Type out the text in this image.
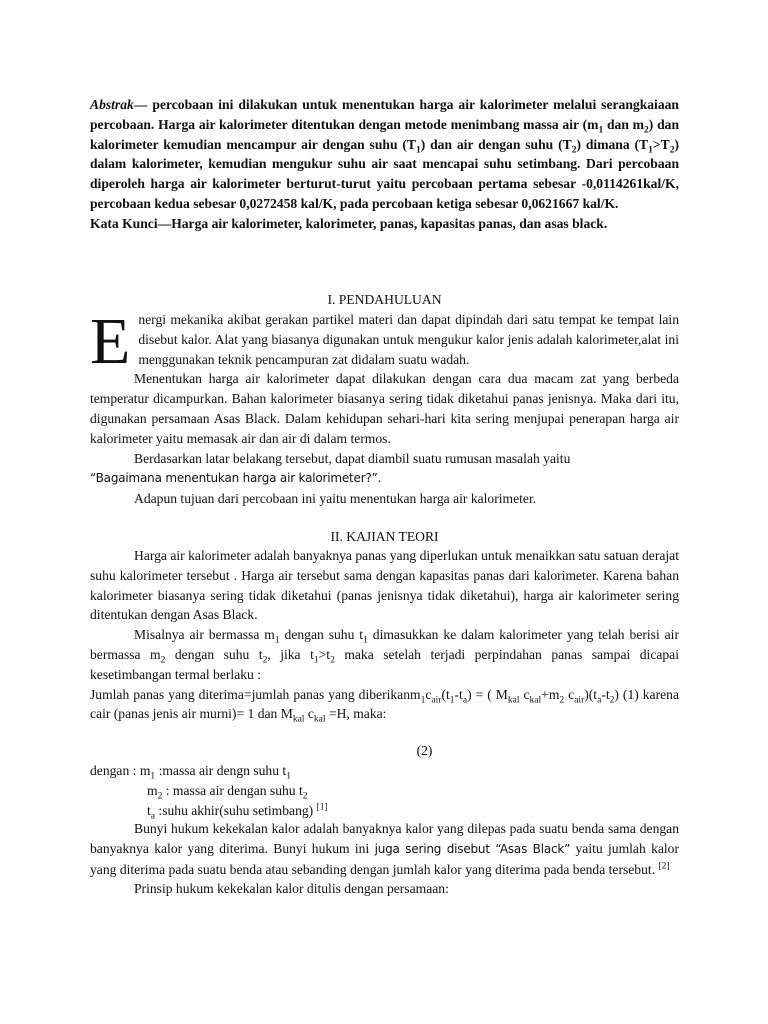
Abstrak— percobaan ini dilakukan untuk menentukan harga air kalorimeter melalui serangkaiaan percobaan. Harga air kalorimeter ditentukan dengan metode menimbang massa air ($m_1$ dan $m_2$) dan kalorimeter kemudian mencampur air dengan suhu $(T_1)$ dan air dengan suhu $(T_2)$ dimana $(T_1>T_2)$ dalam kalorimeter, kemudian mengukur suhu air saat mencapai suhu setimbang. Dari percobaan diperoleh harga air kalorimeter berturut-turut yaitu percobaan pertama sebesar -0,0114261kal/K, percobaan kedua sebesar 0,0272458 kal/K, pada percobaan ketiga sebesar 0,0621667 kal/K.
Kata Kunci—Harga air kalorimeter, kalorimeter, panas, kapasitas panas, dan asas black.
I. PENDAHULUAN
Energi mekanika akibat gerakan partikel materi dan dapat dipindah dari satu tempat ke tempat lain disebut kalor. Alat yang biasanya digunakan untuk mengukur kalor jenis adalah kalorimeter,alat ini menggunakan teknik pencampuran zat didalam suatu wadah.
Menentukan harga air kalorimeter dapat dilakukan dengan cara dua macam zat yang berbeda temperatur dicampurkan. Bahan kalorimeter biasanya sering tidak diketahui panas jenisnya. Maka dari itu, digunakan persamaan Asas Black. Dalam kehidupan sehari-hari kita sering menjupai penerapan harga air kalorimeter yaitu memasak air dan air di dalam termos.
Berdasarkan latar belakang tersebut, dapat diambil suatu rumusan masalah yaitu
“Bagaimana menentukan harga air kalorimeter?”.
Adapun tujuan dari percobaan ini yaitu menentukan harga air kalorimeter.
II. KAJIAN TEORI
Harga air kalorimeter adalah banyaknya panas yang diperlukan untuk menaikkan satu satuan derajat suhu kalorimeter tersebut . Harga air tersebut sama dengan kapasitas panas dari kalorimeter. Karena bahan kalorimeter biasanya sering tidak diketahui (panas jenisnya tidak diketahui), harga air kalorimeter sering ditentukan dengan Asas Black.
Misalnya air bermassa $m_1$ dengan suhu $t_1$ dimasukkan ke dalam kalorimeter yang telah berisi air bermassa $m_2$ dengan suhu $t_2$, jika $t_1>t_2$ maka setelah terjadi perpindahan panas sampai dicapai kesetimbangan termal berlaku :
Jumlah panas yang diterima=jumlah panas yang $diberikanm_1c_{air}(t_1-t_a)$ = ( $M_{kal}$ $c_{kal}+m_2$ $c_{air})(t_a-t_2)$ (1) karena cair (panas jenis air murni)= 1 dan $M_{kal}$ $c_{kal} =H$, maka:
(2)
dengan : $m_1$ :massa air dengn suhu $t_1$
$m_2$ : massa air dengan suhu $t_2$
$t_a$ :suhu akhir(suhu setimbang) [1]
Bunyi hukum kekekalan kalor adalah banyaknya kalor yang dilepas pada suatu benda sama dengan banyaknya kalor yang diterima. Bunyi hukum ini juga sering disebut “Asas Black” yaitu jumlah kalor yang diterima pada suatu benda atau sebanding dengan jumlah kalor yang diterima pada benda tersebut. [2]
Prinsip hukum kekekalan kalor ditulis dengan persamaan:
